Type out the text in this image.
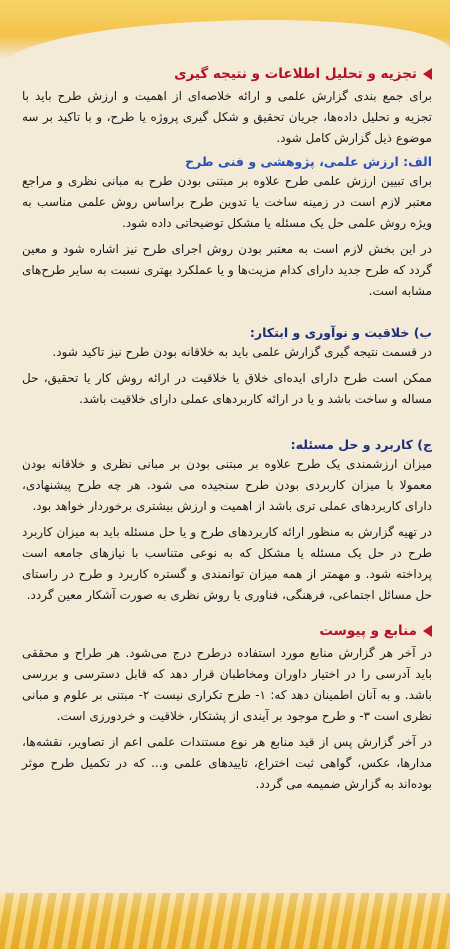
تجزیه و تحلیل اطلاعات و نتیجه گیری

برای جمع بندی گزارش علمی و ارائه خلاصه‌ای از اهمیت و ارزش طرح باید با تجزیه و تحلیل داده‌ها، جریان تحقیق و شکل گیری پروژه یا طرح، و با تاکید بر سه موضوع ذیل گزارش کامل شود.

الف: ارزش علمی، پژوهشی و فنی طرح

برای تبیین ارزش علمی طرح علاوه بر مبتنی بودن طرح به مبانی نظری و مراجع معتبر لازم است در زمینه ساخت یا تدوین طرح براساس روش علمی مناسب به ویژه روش علمی حل یک مسئله یا مشکل توضیحاتی داده شود.

در این بخش لازم است به معتبر بودن روش اجرای طرح نیز اشاره شود و معین گردد که طرح جدید دارای کدام مزیت‌ها و یا عملکرد بهتری نسبت به سایر طرح‌های مشابه است.

ب) خلاقیت و نوآوری و ابتکار:

در قسمت نتیجه گیری گزارش علمی باید به خلاقانه بودن طرح نیز تاکید شود.

ممکن است طرح دارای ایده‌ای خلاق یا خلاقیت در ارائه روش کار یا تحقیق، حل مساله و ساخت باشد و یا در ارائه کاربردهای عملی دارای خلاقیت باشد.

ج) کاربرد و حل مسئله:

میزان ارزشمندی یک طرح علاوه بر مبتنی بودن بر مبانی نظری و خلاقانه بودن معمولا با میزان کاربردی بودن طرح سنجیده می شود. هر چه طرح پیشنهادی، دارای کاربردهای عملی تری باشد از اهمیت و ارزش بیشتری برخوردار خواهد بود.

در تهیه گزارش به منظور ارائه کاربردهای طرح و یا حل مسئله باید به میزان کاربرد طرح در حل یک مسئله یا مشکل که به نوعی متناسب با نیازهای جامعه است پرداخته شود. و مهمتر از همه میزان توانمندی و گستره کاربرد و طرح در راستای حل مسائل اجتماعی، فرهنگی، فناوری یا روش نظری به صورت آشکار معین گردد.

منابع و پیوست

در آخر هر گزارش منابع مورد استفاده درطرح درج می‌شود. هر طراح و محققی باید آدرسی را در اختیار داوران ومخاطبان قرار دهد که قابل دسترسی و بررسی باشد. و به آنان اطمینان دهد که: ۱- طرح تکراری نیست ۲- مبتنی بر علوم و مبانی نظری است ۳- و طرح موجود بر آیندی از پشتکار، خلاقیت و خردورزی است.

در آخر گزارش پس از قید منابع هر نوع مستندات علمی اعم از تصاویر، نقشه‌ها، مدارها، عکس، گواهی ثبت اختراع، تاییدهای علمی و... که در تکمیل طرح موثر بوده‌اند به گزارش ضمیمه می گردد.
